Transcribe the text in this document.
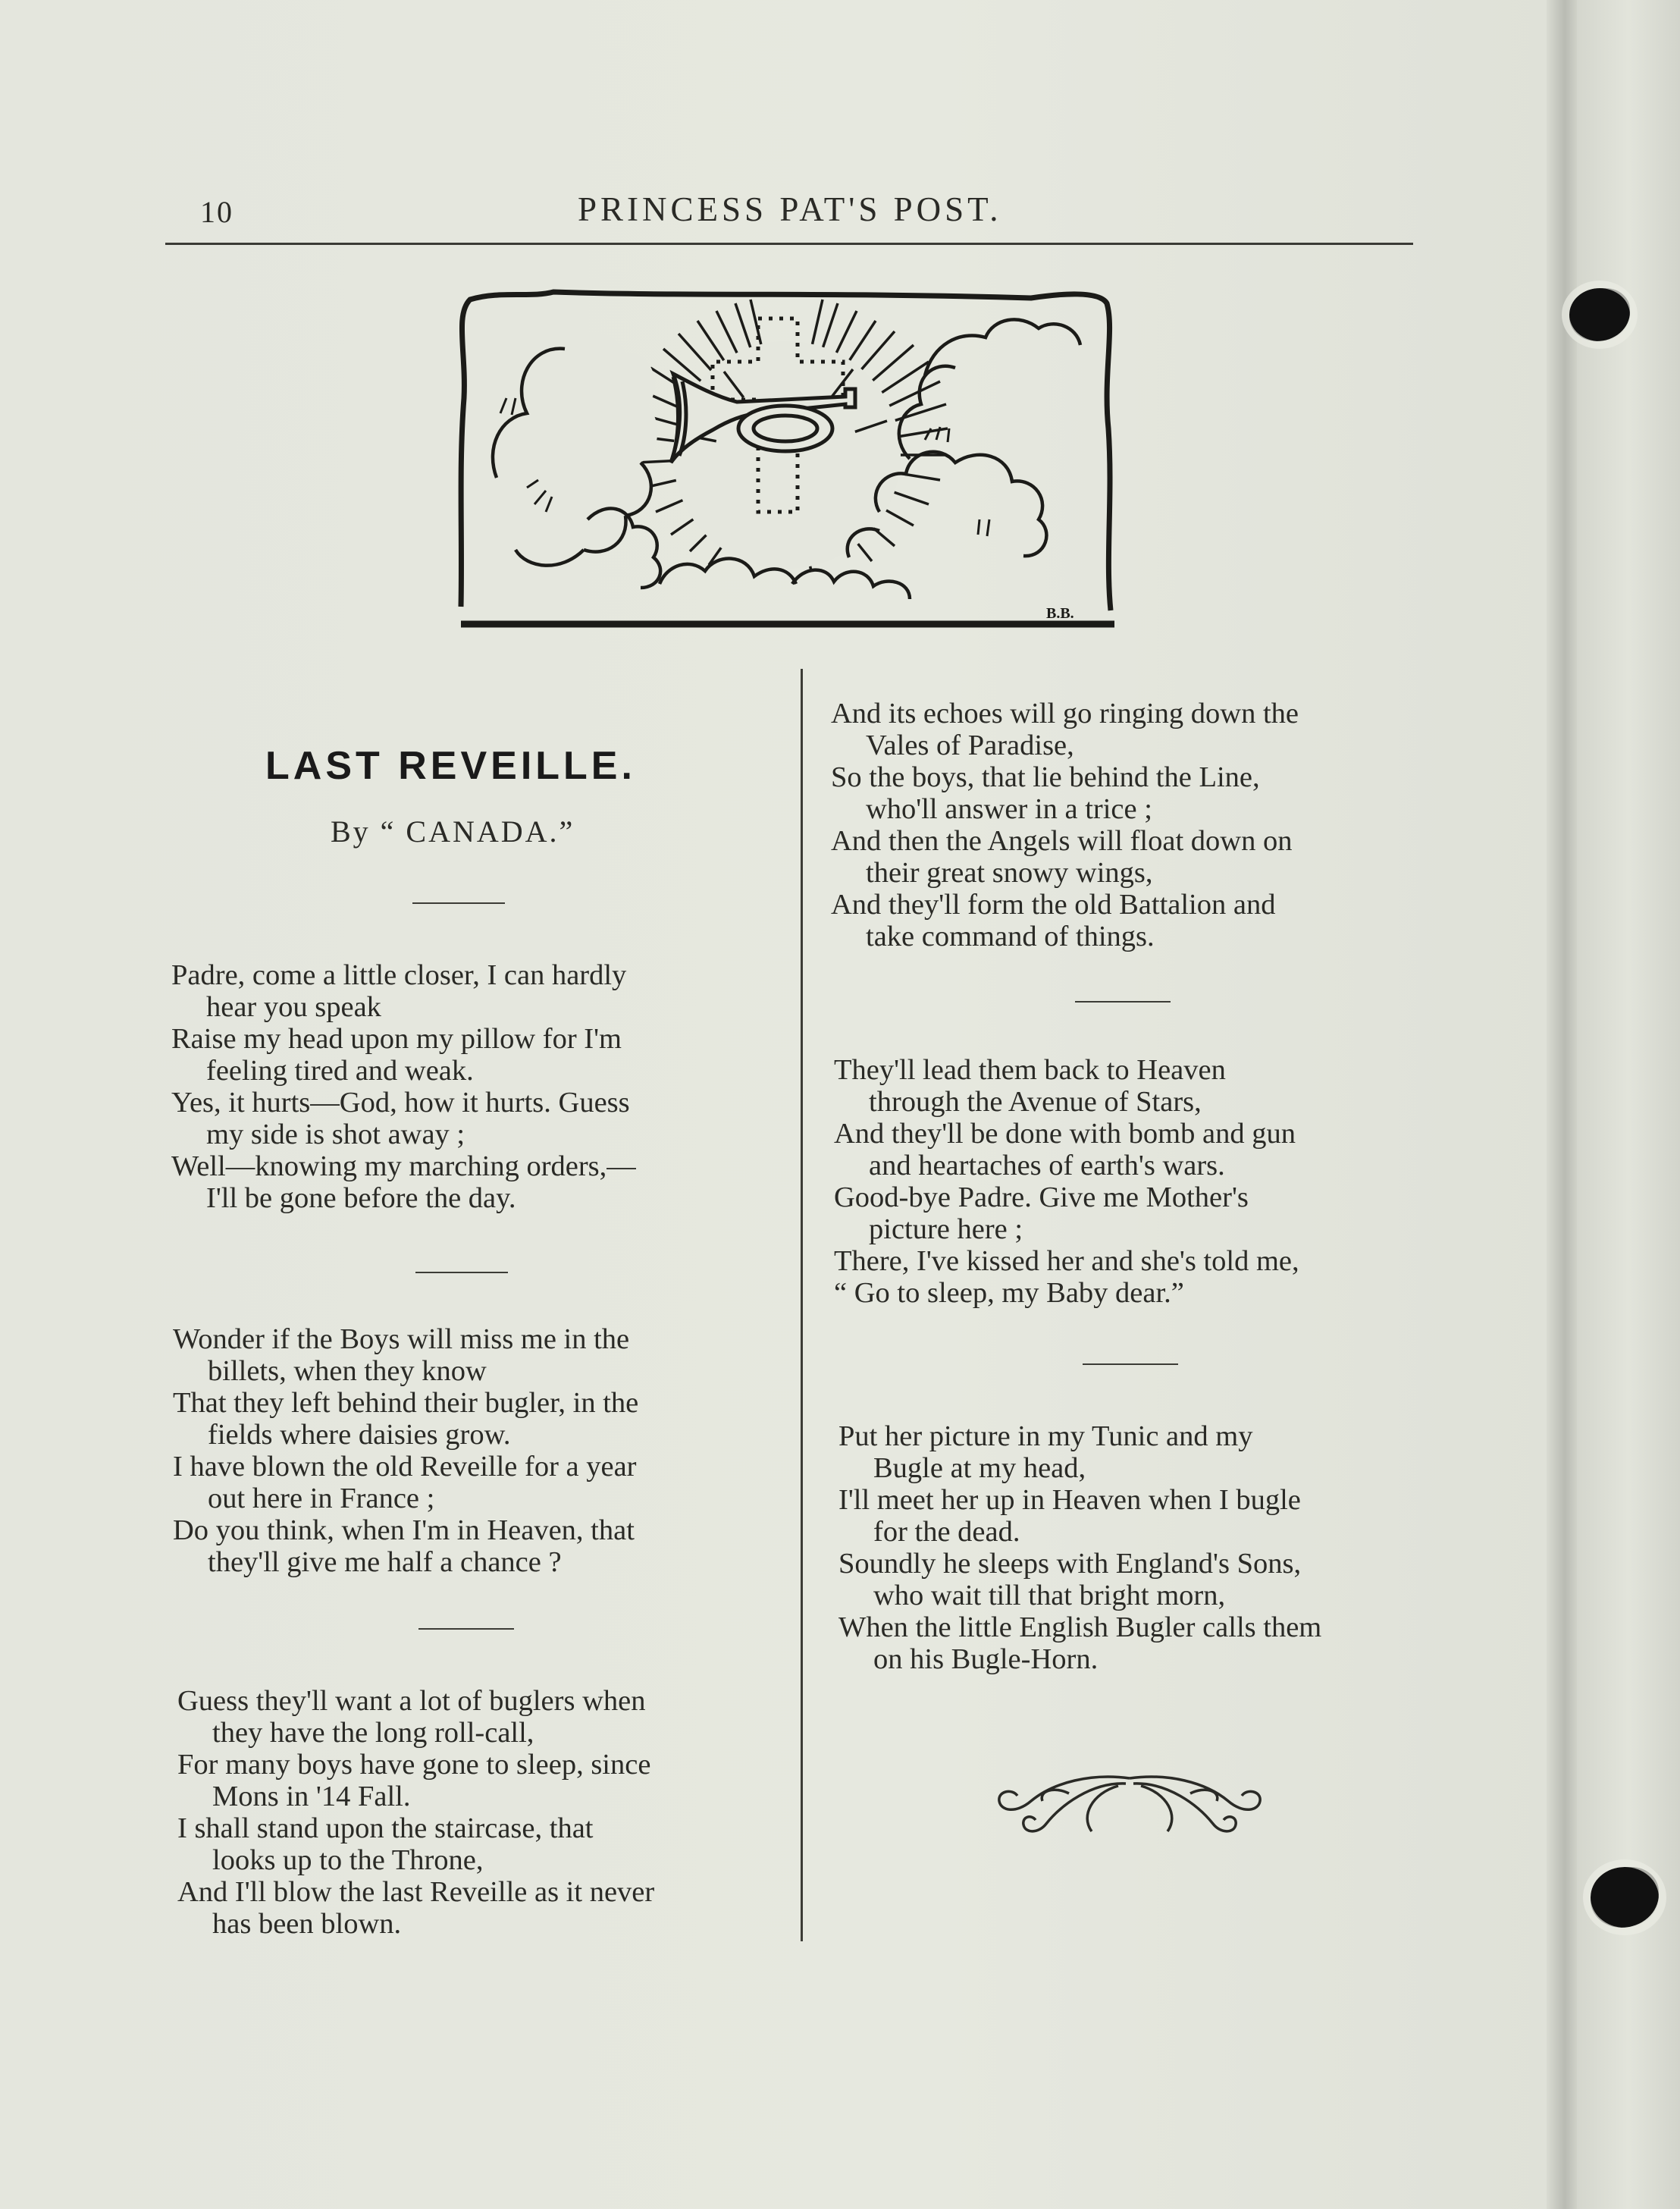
10	PRINCESS PAT'S POST.
B.B.
LAST REVEILLE.
By “ CANADA.”
Padre, come a little closer, I can hardly
hear you speak
Raise my head upon my pillow for I'm
feeling tired and weak.
Yes, it hurts—God, how it hurts. Guess
my side is shot away ;
Well—knowing my marching orders,—
I'll be gone before the day.
Wonder if the Boys will miss me in the
billets, when they know
That they left behind their bugler, in the
fields where daisies grow.
I have blown the old Reveille for a year
out here in France ;
Do you think, when I'm in Heaven, that
they'll give me half a chance ?
Guess they'll want a lot of buglers when
they have the long roll-call,
For many boys have gone to sleep, since
Mons in '14 Fall.
I shall stand upon the staircase, that
looks up to the Throne,
And I'll blow the last Reveille as it never
has been blown.
And its echoes will go ringing down the
Vales of Paradise,
So the boys, that lie behind the Line,
who'll answer in a trice ;
And then the Angels will float down on
their great snowy wings,
And they'll form the old Battalion and
take command of things.
They'll lead them back to Heaven
through the Avenue of Stars,
And they'll be done with bomb and gun
and heartaches of earth's wars.
Good-bye Padre. Give me Mother's
picture here ;
There, I've kissed her and she's told me,
“ Go to sleep, my Baby dear.”
Put her picture in my Tunic and my
Bugle at my head,
I'll meet her up in Heaven when I bugle
for the dead.
Soundly he sleeps with England's Sons,
who wait till that bright morn,
When the little English Bugler calls them
on his Bugle-Horn.
